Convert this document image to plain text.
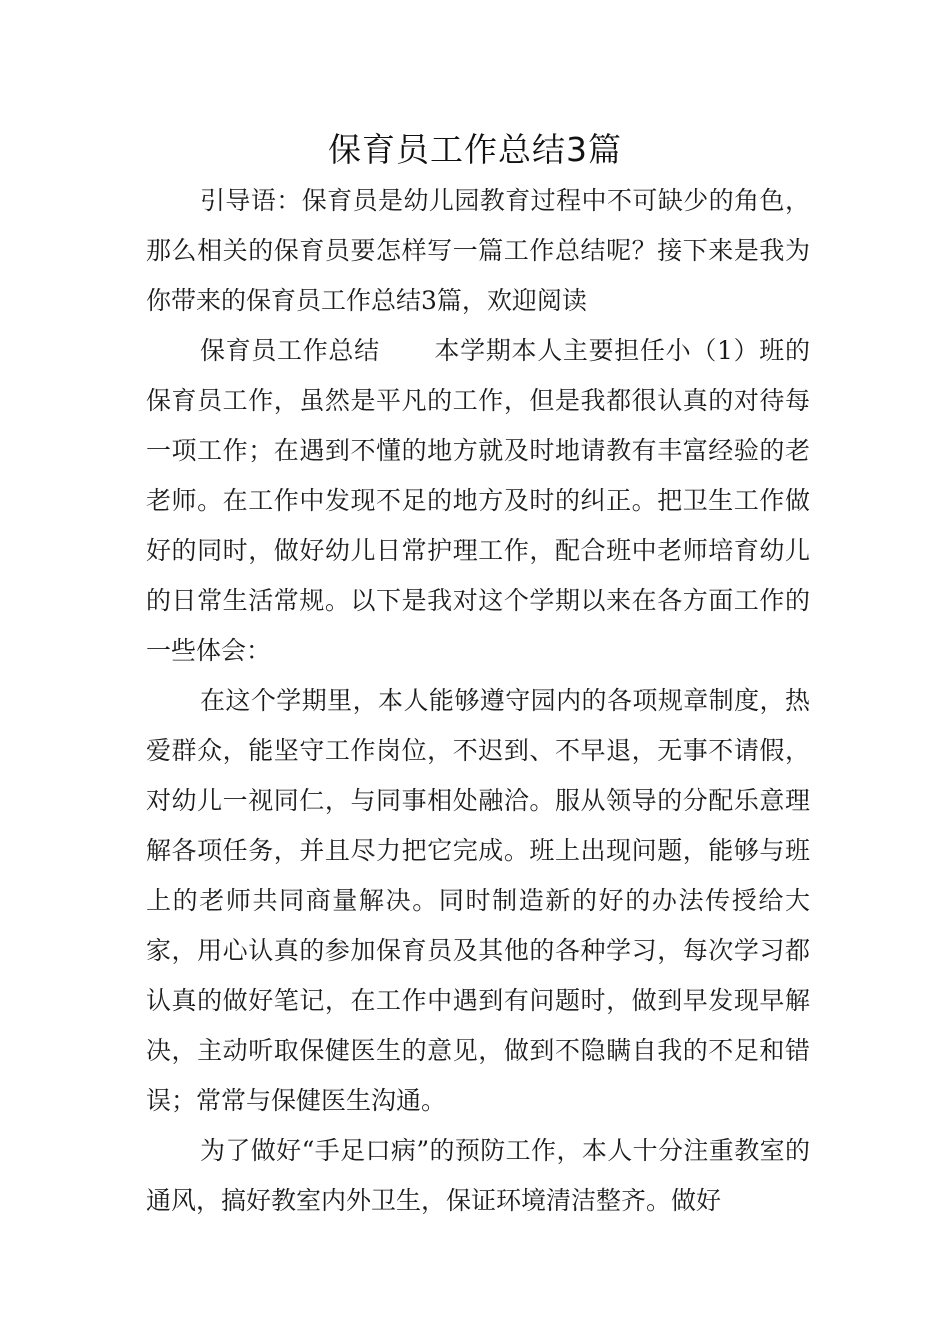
保育员工作总结3篇

引导语：保育员是幼儿园教育过程中不可缺少的角色，那么相关的保育员要怎样写一篇工作总结呢？接下来是我为你带来的保育员工作总结3篇，欢迎阅读

保育员工作总结 本学期本人主要担任小（1）班的保育员工作，虽然是平凡的工作，但是我都很认真的对待每一项工作；在遇到不懂的地方就及时地请教有丰富经验的老老师。在工作中发现不足的地方及时的纠正。把卫生工作做好的同时，做好幼儿日常护理工作，配合班中老师培育幼儿的日常生活常规。以下是我对这个学期以来在各方面工作的一些体会：

在这个学期里，本人能够遵守园内的各项规章制度，热爱群众，能坚守工作岗位，不迟到、不早退，无事不请假，对幼儿一视同仁，与同事相处融洽。服从领导的分配乐意理解各项任务，并且尽力把它完成。班上出现问题，能够与班上的老师共同商量解决。同时制造新的好的办法传授给大家，用心认真的参加保育员及其他的各种学习，每次学习都认真的做好笔记，在工作中遇到有问题时，做到早发现早解决，主动听取保健医生的意见，做到不隐瞒自我的不足和错误；常常与保健医生沟通。

为了做好“手足口病”的预防工作，本人十分注重教室的通风，搞好教室内外卫生，保证环境清洁整齐。做好
